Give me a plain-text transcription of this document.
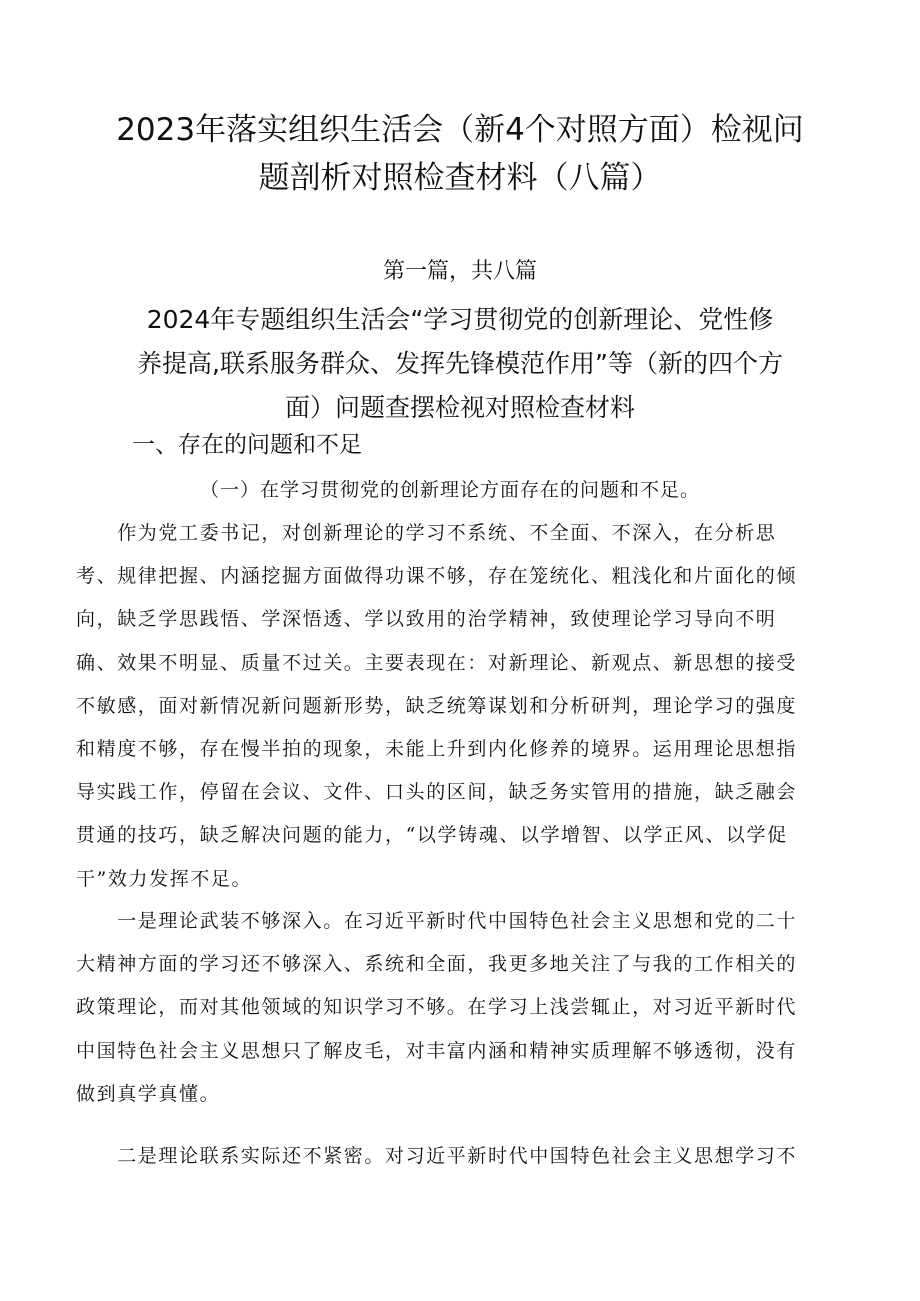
2023年落实组织生活会（新4个对照方面）检视问
题剖析对照检查材料（八篇）
第一篇，共八篇
2024年专题组织生活会“学习贯彻党的创新理论、党性修
养提高,联系服务群众、发挥先锋模范作用”等（新的四个方
面）问题查摆检视对照检查材料
一、存在的问题和不足
（一）在学习贯彻党的创新理论方面存在的问题和不足。
　　作为党工委书记，对创新理论的学习不系统、不全面、不深入，在分析思
考、规律把握、内涵挖掘方面做得功课不够，存在笼统化、粗浅化和片面化的倾
向，缺乏学思践悟、学深悟透、学以致用的治学精神，致使理论学习导向不明
确、效果不明显、质量不过关。主要表现在：对新理论、新观点、新思想的接受
不敏感，面对新情况新问题新形势，缺乏统筹谋划和分析研判，理论学习的强度
和精度不够，存在慢半拍的现象，未能上升到内化修养的境界。运用理论思想指
导实践工作，停留在会议、文件、口头的区间，缺乏务实管用的措施，缺乏融会
贯通的技巧，缺乏解决问题的能力，“以学铸魂、以学增智、以学正风、以学促
干”效力发挥不足。
　　一是理论武装不够深入。在习近平新时代中国特色社会主义思想和党的二十
大精神方面的学习还不够深入、系统和全面，我更多地关注了与我的工作相关的
政策理论，而对其他领域的知识学习不够。在学习上浅尝辄止，对习近平新时代
中国特色社会主义思想只了解皮毛，对丰富内涵和精神实质理解不够透彻，没有
做到真学真懂。
　　二是理论联系实际还不紧密。对习近平新时代中国特色社会主义思想学习不
